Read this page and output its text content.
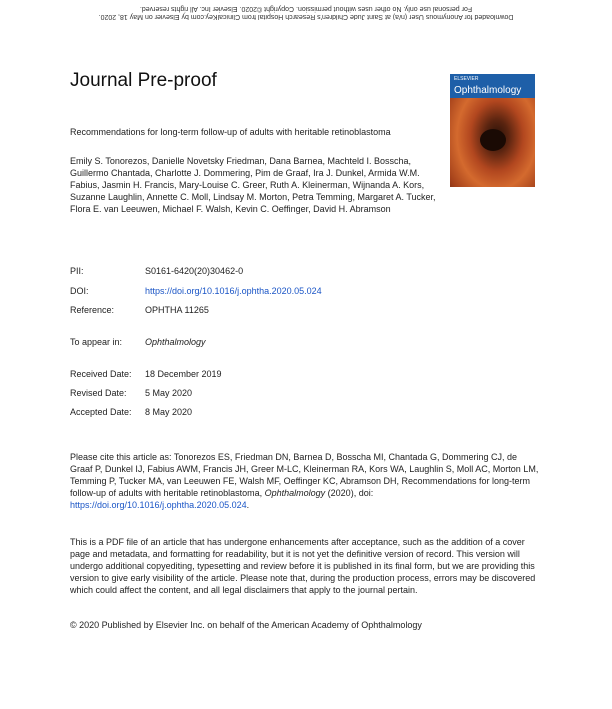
Downloaded for Anonymous User (n/a) at Saint Jude Children's Research Hospital from ClinicalKey.com by Elsevier on May 18, 2020.
For personal use only. No other uses without permission. Copyright ©2020. Elsevier Inc. All rights reserved.
Journal Pre-proof	ELSEVIER
Ophthalmology
Recommendations for long-term follow-up of adults with heritable retinoblastoma
Emily S. Tonorezos, Danielle Novetsky Friedman, Dana Barnea, Machteld I. Bosscha, Guillermo Chantada, Charlotte J. Dommering, Pim de Graaf, Ira J. Dunkel, Armida W.M. Fabius, Jasmin H. Francis, Mary-Louise C. Greer, Ruth A. Kleinerman, Wijnanda A. Kors, Suzanne Laughlin, Annette C. Moll, Lindsay M. Morton, Petra Temming, Margaret A. Tucker, Flora E. van Leeuwen, Michael F. Walsh, Kevin C. Oeffinger, David H. Abramson
PII:	S0161-6420(20)30462-0
DOI:	https://doi.org/10.1016/j.ophtha.2020.05.024
Reference:	OPHTHA 11265
To appear in:	Ophthalmology
Received Date: 18 December 2019
Revised Date: 5 May 2020
Accepted Date: 8 May 2020
Please cite this article as: Tonorezos ES, Friedman DN, Barnea D, Bosscha MI, Chantada G, Dommering CJ, de Graaf P, Dunkel IJ, Fabius AWM, Francis JH, Greer M-LC, Kleinerman RA, Kors WA, Laughlin S, Moll AC, Morton LM, Temming P, Tucker MA, van Leeuwen FE, Walsh MF, Oeffinger KC, Abramson DH, Recommendations for long-term follow-up of adults with heritable retinoblastoma, Ophthalmology (2020), doi: https://doi.org/10.1016/j.ophtha.2020.05.024.
This is a PDF file of an article that has undergone enhancements after acceptance, such as the addition of a cover page and metadata, and formatting for readability, but it is not yet the definitive version of record. This version will undergo additional copyediting, typesetting and review before it is published in its final form, but we are providing this version to give early visibility of the article. Please note that, during the production process, errors may be discovered which could affect the content, and all legal disclaimers that apply to the journal pertain.
© 2020 Published by Elsevier Inc. on behalf of the American Academy of Ophthalmology
